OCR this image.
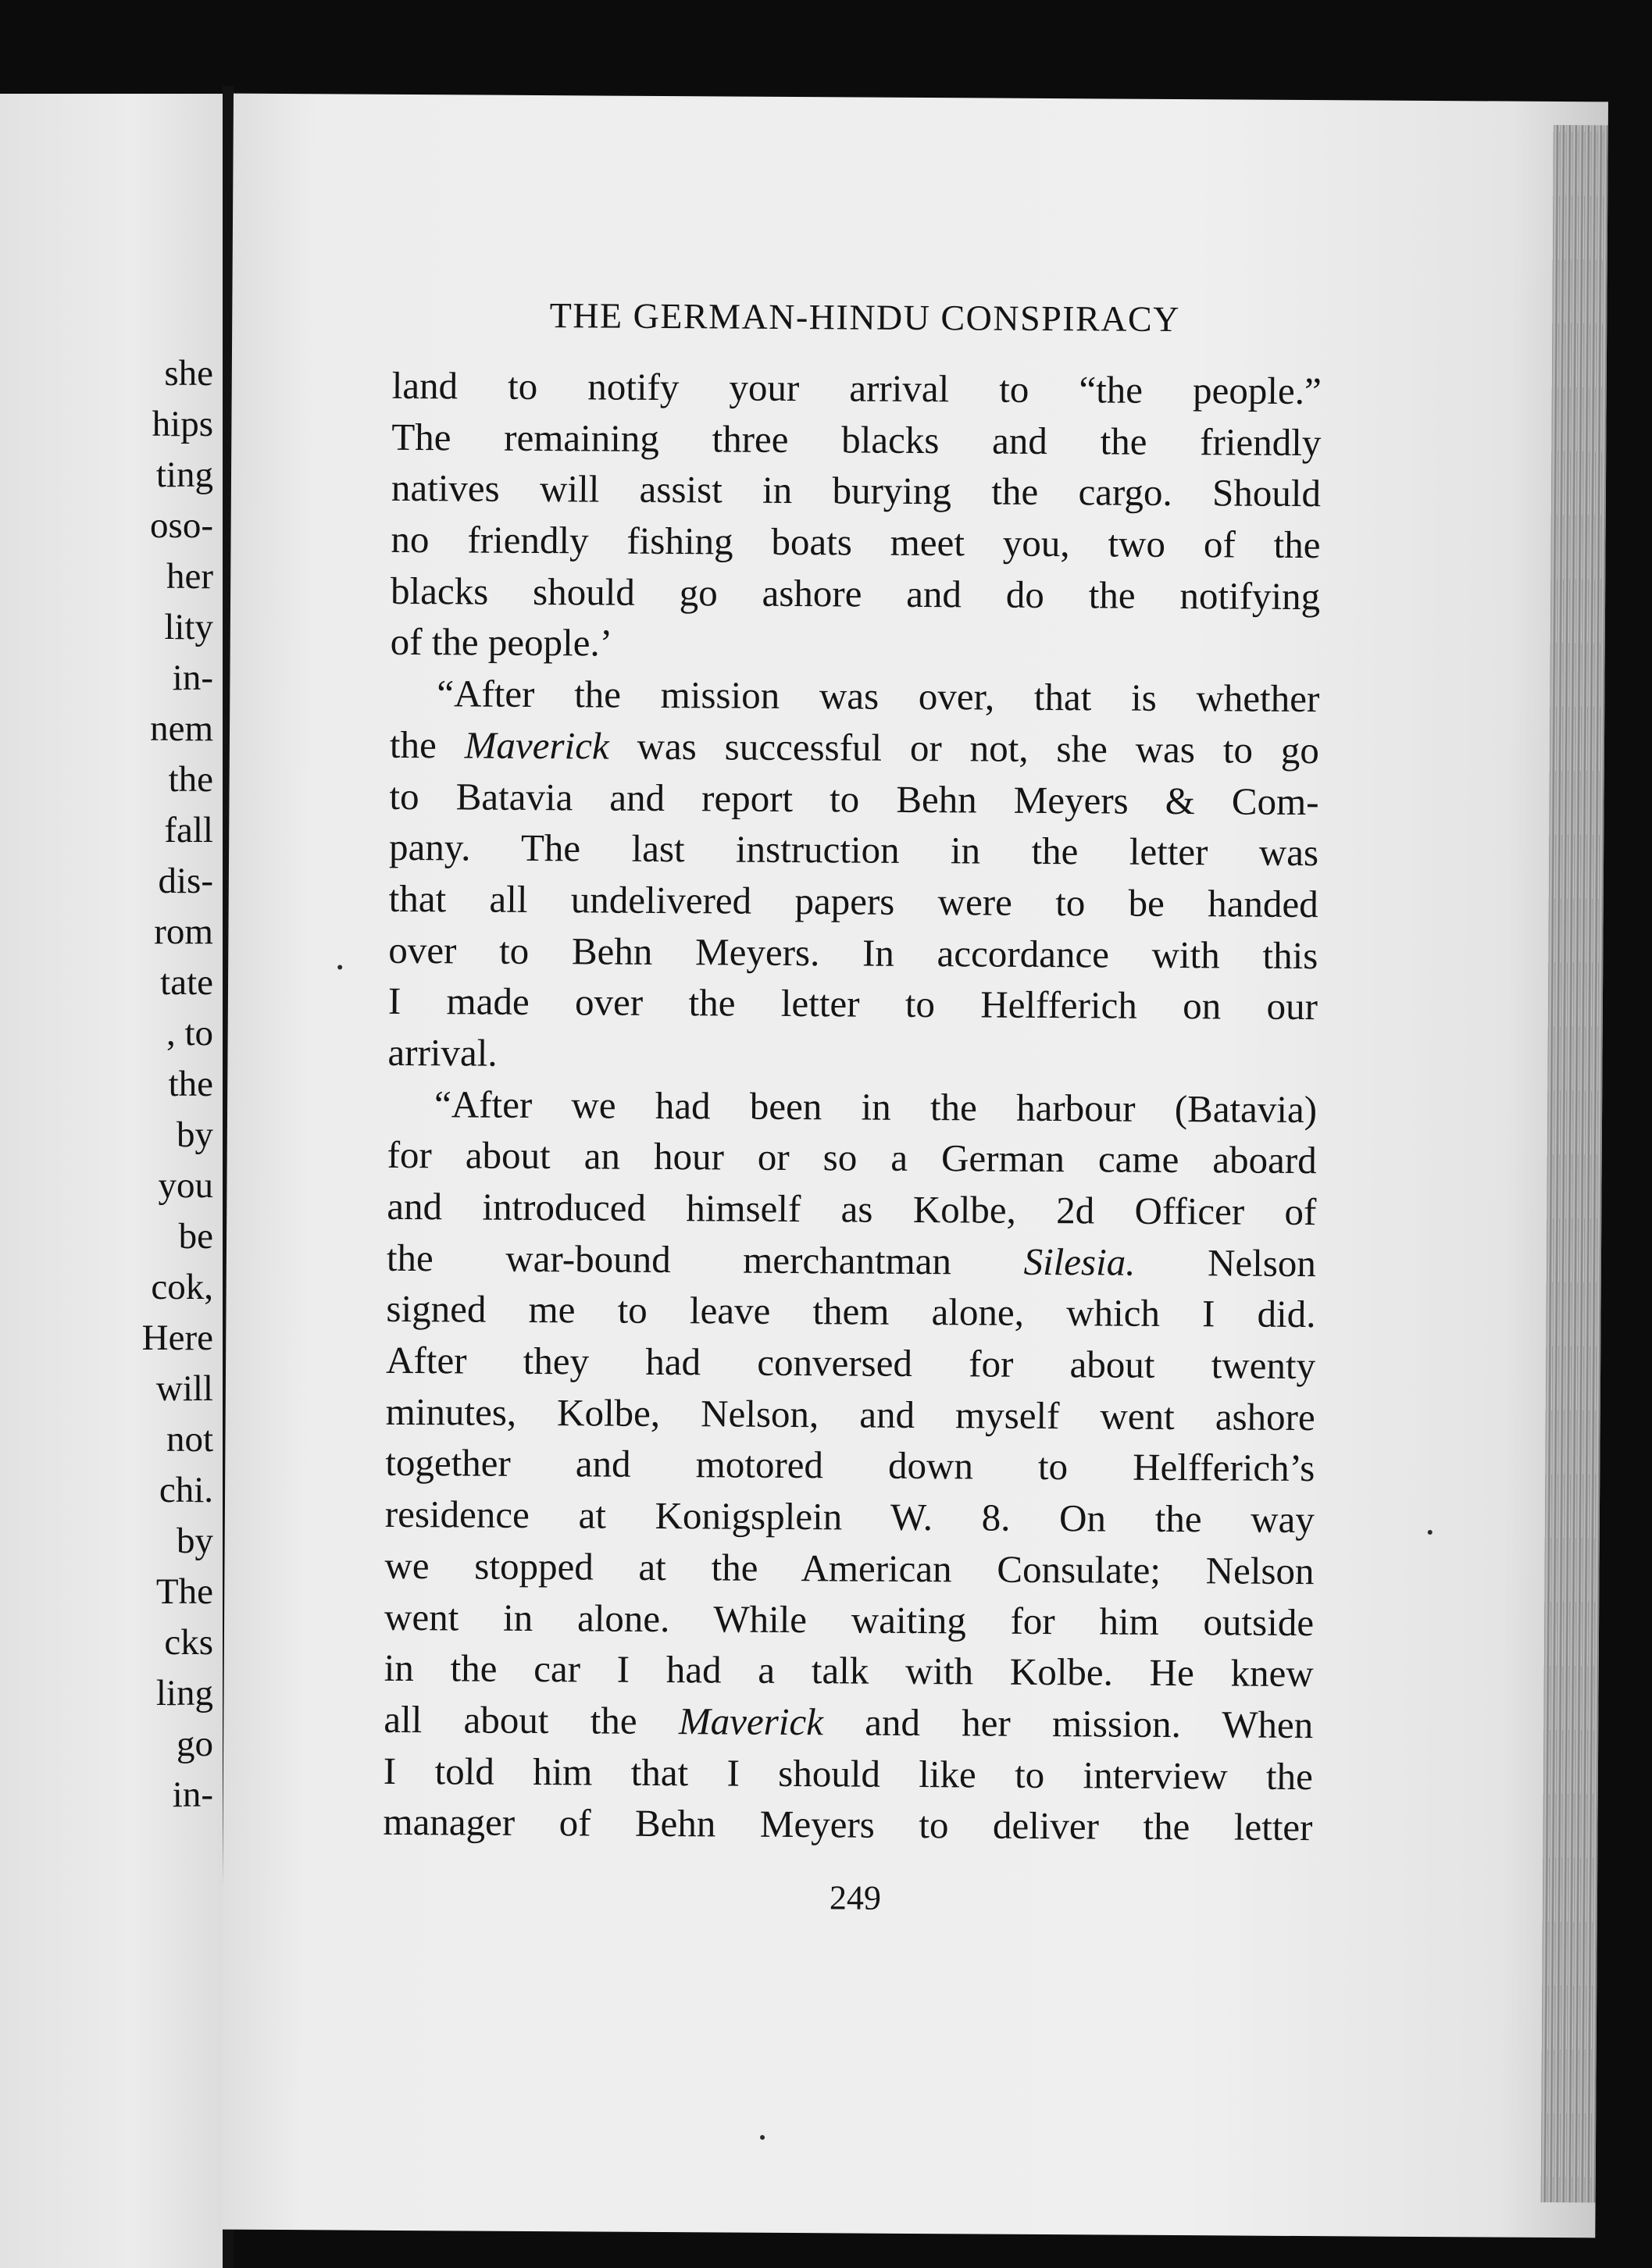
she

hips

ting

oso-

her

lity

in-

nem

the

fall

dis-

rom

tate

, to

the

by

you

be

cok,

Here

will

not

chi.

by

The

cks

ling

go

in-

THE GERMAN-HINDU CONSPIRACY
land to notify your arrival to “the people.”
The remaining three blacks and the friendly
natives will assist in burying the cargo. Should
no friendly fishing boats meet you, two of the
blacks should go ashore and do the notifying
of the people.’
“After the mission was over, that is whether
the Maverick was successful or not, she was to go
to Batavia and report to Behn Meyers & Com-
pany. The last instruction in the letter was
that all undelivered papers were to be handed
over to Behn Meyers. In accordance with this
I made over the letter to Helfferich on our
arrival.
“After we had been in the harbour (Batavia)
for about an hour or so a German came aboard
and introduced himself as Kolbe, 2d Officer of
the war-bound merchantman Silesia. Nelson
signed me to leave them alone, which I did.
After they had conversed for about twenty
minutes, Kolbe, Nelson, and myself went ashore
together and motored down to Helfferich’s
residence at Konigsplein W. 8. On the way
we stopped at the American Consulate; Nelson
went in alone. While waiting for him outside
in the car I had a talk with Kolbe. He knew
all about the Maverick and her mission. When
I told him that I should like to interview the
manager of Behn Meyers to deliver the letter

249
